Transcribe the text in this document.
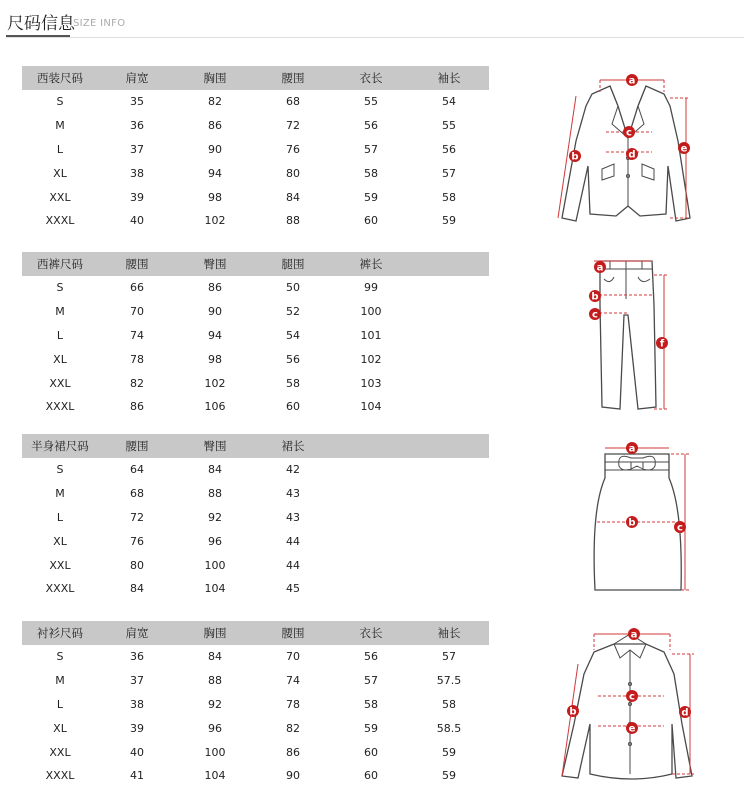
尺码信息
SIZE INFO
西装尺码	肩宽	胸围	腰围	衣长	袖长
S	35	82	68	55	54
M	36	86	72	56	55
L	37	90	76	57	56
XL	38	94	80	58	57
XXL	39	98	84	59	58
XXXL	40	102	88	60	59
西裤尺码	腰围	臀围	腿围	裤长
S	66	86	50	99
M	70	90	52	100
L	74	94	54	101
XL	78	98	56	102
XXL	82	102	58	103
XXXL	86	106	60	104
半身裙尺码	腰围	臀围	裙长
S	64	84	42
M	68	88	43
L	72	92	43
XL	76	96	44
XXL	80	100	44
XXXL	84	104	45
衬衫尺码	肩宽	胸围	腰围	衣长	袖长
S	36	84	70	56	57
M	37	88	74	57	57.5
L	38	92	78	58	58
XL	39	96	82	59	58.5
XXL	40	100	86	60	59
XXXL	41	104	90	60	59
a
b
c
d
e
a
b
c
f
a
b	c
a
b
c
d
e
